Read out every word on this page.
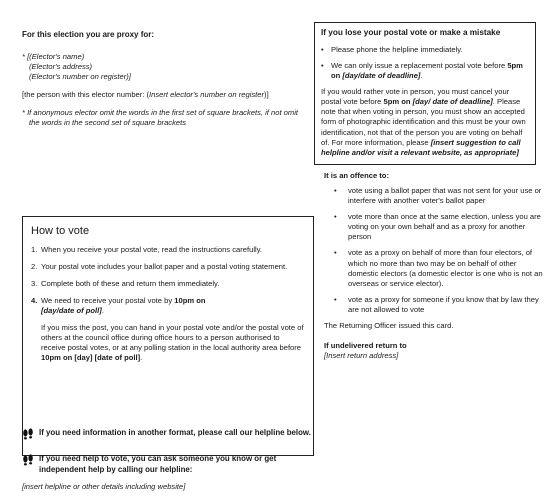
For this election you are proxy for:

* [(Elector's name)
(Elector's address)
(Elector's number on register)]

[the person with this elector number: (Insert elector's number on register)]

* If anonymous elector omit the words in the first set of square brackets, if not omit the words in the second set of square brackets

How to vote
1. When you receive your postal vote, read the instructions carefully.
2. Your postal vote includes your ballot paper and a postal voting statement.
3. Complete both of these and return them immediately.
4. We need to receive your postal vote by 10pm on
[day/date of poll].

If you miss the post, you can hand in your postal vote and/or the postal vote of others at the council office during office hours to a person authorised to receive postal votes, or at any polling station in the local authority area before 10pm on [day] [date of poll].

If you need information in another format, please call our helpline below.
If you need help to vote, you can ask someone you know or get independent help by calling our helpline:
[insert helpline or other details including website]

If you lose your postal vote or make a mistake

• Please phone the helpline immediately.
• We can only issue a replacement postal vote before 5pm on [day/date of deadline].

If you would rather vote in person, you must cancel your postal vote before 5pm on [day/ date of deadline]. Please note that when voting in person, you must show an accepted form of photographic identification and this must be your own identification, not that of the person you are voting on behalf of. For more information, please [insert suggestion to call helpline and/or visit a relevant website, as appropriate]

It is an offence to:

• vote using a ballot paper that was not sent for your use or interfere with another voter's ballot paper
• vote more than once at the same election, unless you are voting on your own behalf and as a proxy for another person
• vote as a proxy on behalf of more than four electors, of which no more than two may be on behalf of other domestic electors (a domestic elector is one who is not an overseas or service elector).
• vote as a proxy for someone if you know that by law they are not allowed to vote

The Returning Officer issued this card.

If undelivered return to

[Insert return address]
